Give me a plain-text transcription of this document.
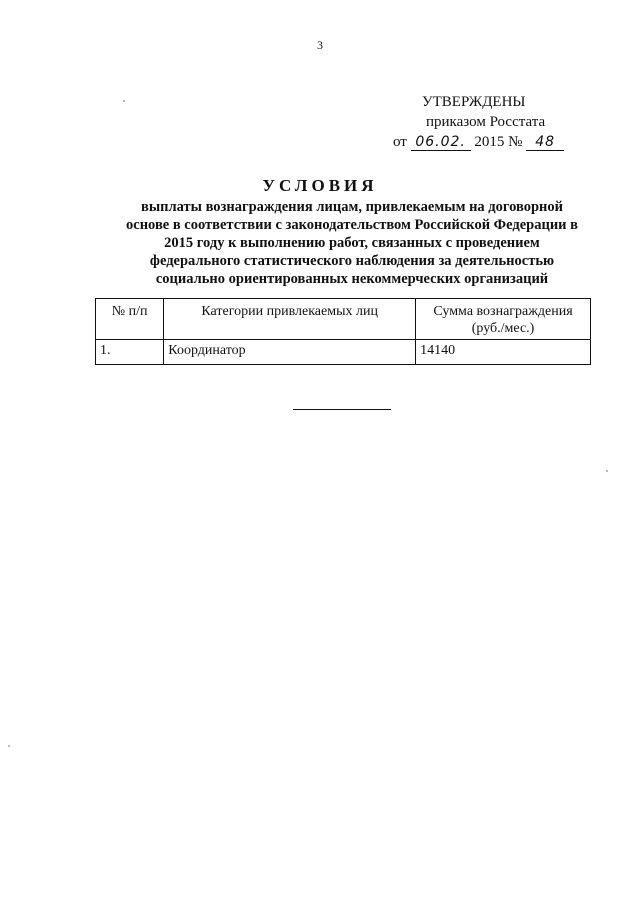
3
УТВЕРЖДЕНЫ
приказом Росстата
от 06.02. 2015 № 48
УСЛОВИЯ
выплаты вознаграждения лицам, привлекаемым на договорной
основе в соответствии с законодательством Российской Федерации в
2015 году к выполнению работ, связанных с проведением
федерального статистического наблюдения за деятельностью
социально ориентированных некоммерческих организаций
№ п/п	Категории привлекаемых лиц	Сумма вознаграждения
(руб./мес.)

1.	Координатор	14140
